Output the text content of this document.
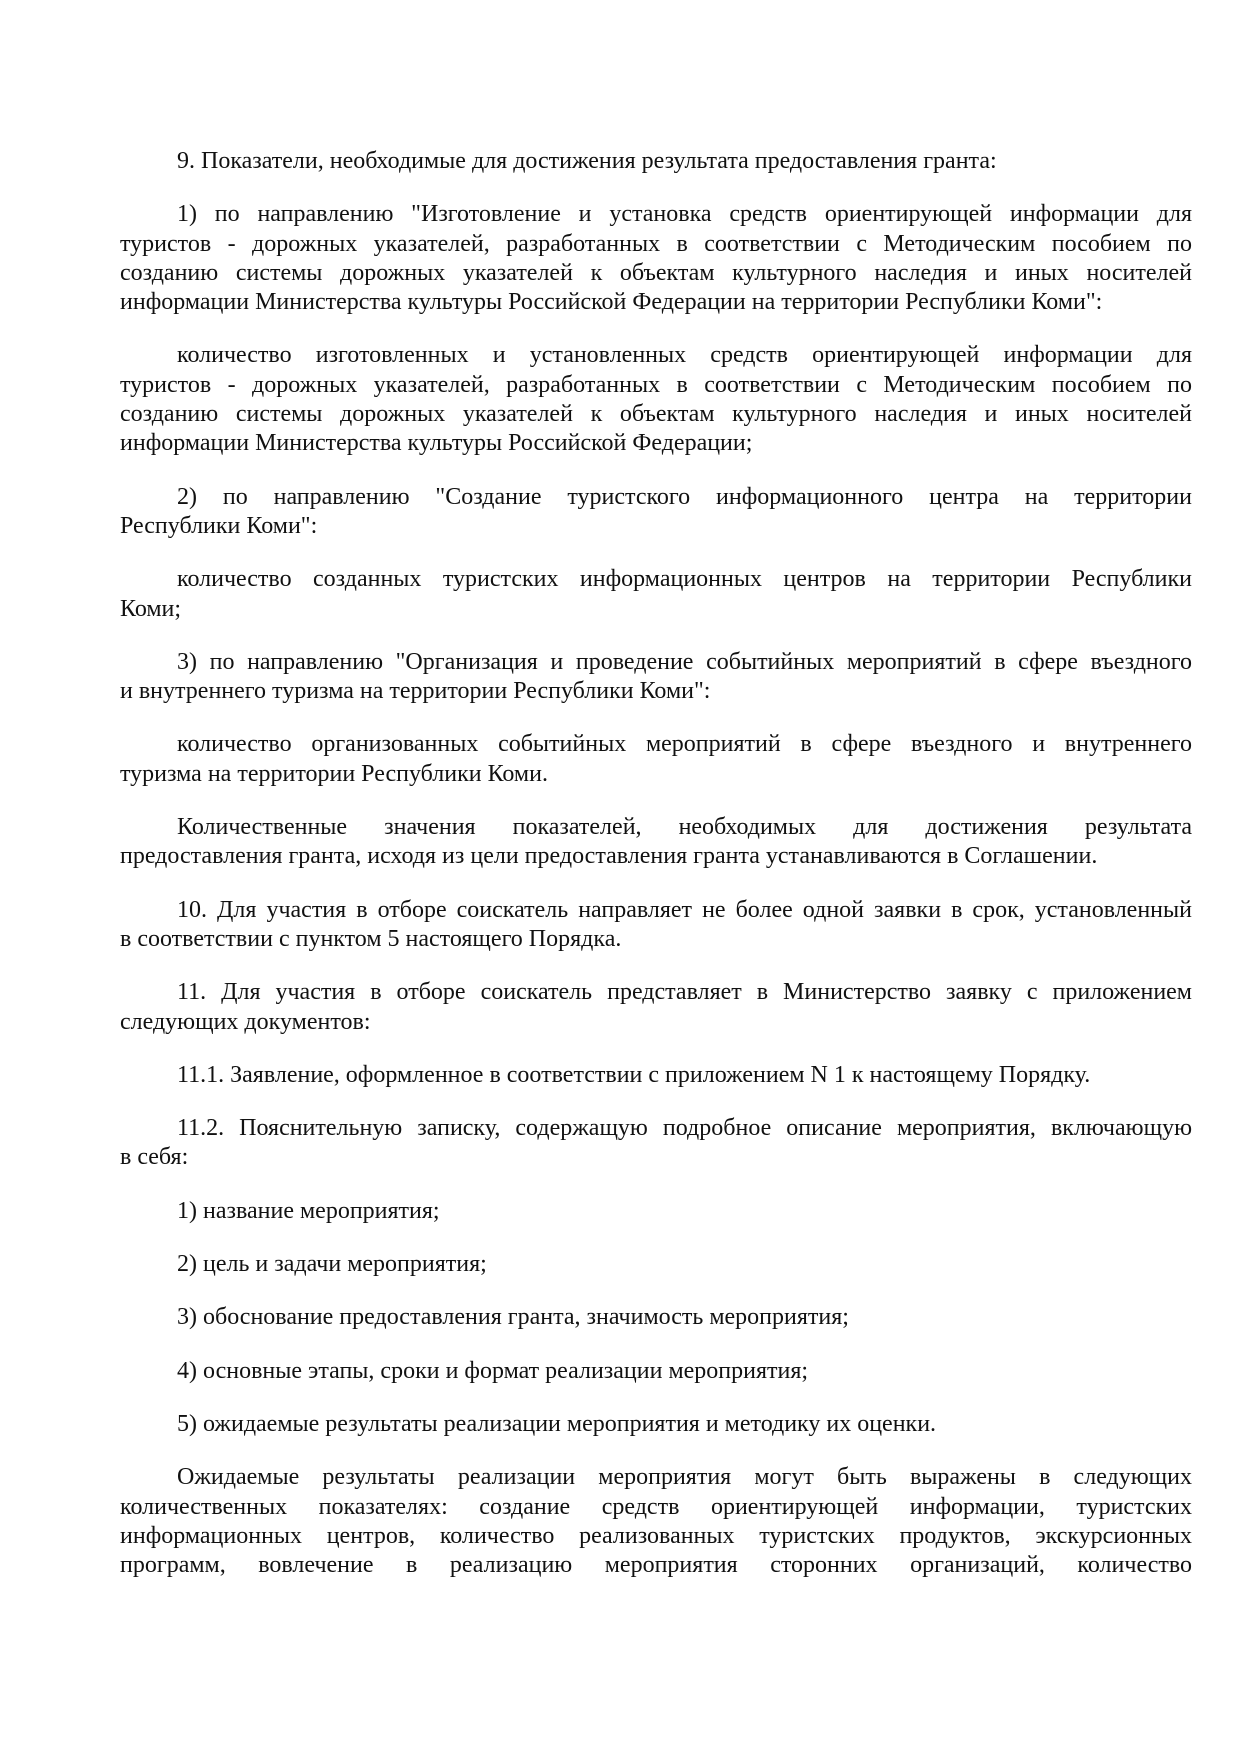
9. Показатели, необходимые для достижения результата предоставления гранта:
1) по направлению "Изготовление и установка средств ориентирующей информации для
туристов - дорожных указателей, разработанных в соответствии с Методическим пособием по
созданию системы дорожных указателей к объектам культурного наследия и иных носителей
информации Министерства культуры Российской Федерации на территории Республики Коми":
количество изготовленных и установленных средств ориентирующей информации для
туристов - дорожных указателей, разработанных в соответствии с Методическим пособием по
созданию системы дорожных указателей к объектам культурного наследия и иных носителей
информации Министерства культуры Российской Федерации;
2) по направлению "Создание туристского информационного центра на территории
Республики Коми":
количество созданных туристских информационных центров на территории Республики
Коми;
3) по направлению "Организация и проведение событийных мероприятий в сфере въездного
и внутреннего туризма на территории Республики Коми":
количество организованных событийных мероприятий в сфере въездного и внутреннего
туризма на территории Республики Коми.
Количественные значения показателей, необходимых для достижения результата
предоставления гранта, исходя из цели предоставления гранта устанавливаются в Соглашении.
10. Для участия в отборе соискатель направляет не более одной заявки в срок, установленный
в соответствии с пунктом 5 настоящего Порядка.
11. Для участия в отборе соискатель представляет в Министерство заявку с приложением
следующих документов:
11.1. Заявление, оформленное в соответствии с приложением N 1 к настоящему Порядку.
11.2. Пояснительную записку, содержащую подробное описание мероприятия, включающую
в себя:
1) название мероприятия;
2) цель и задачи мероприятия;
3) обоснование предоставления гранта, значимость мероприятия;
4) основные этапы, сроки и формат реализации мероприятия;
5) ожидаемые результаты реализации мероприятия и методику их оценки.
Ожидаемые результаты реализации мероприятия могут быть выражены в следующих
количественных показателях: создание средств ориентирующей информации, туристских
информационных центров, количество реализованных туристских продуктов, экскурсионных
программ, вовлечение в реализацию мероприятия сторонних организаций, количество
